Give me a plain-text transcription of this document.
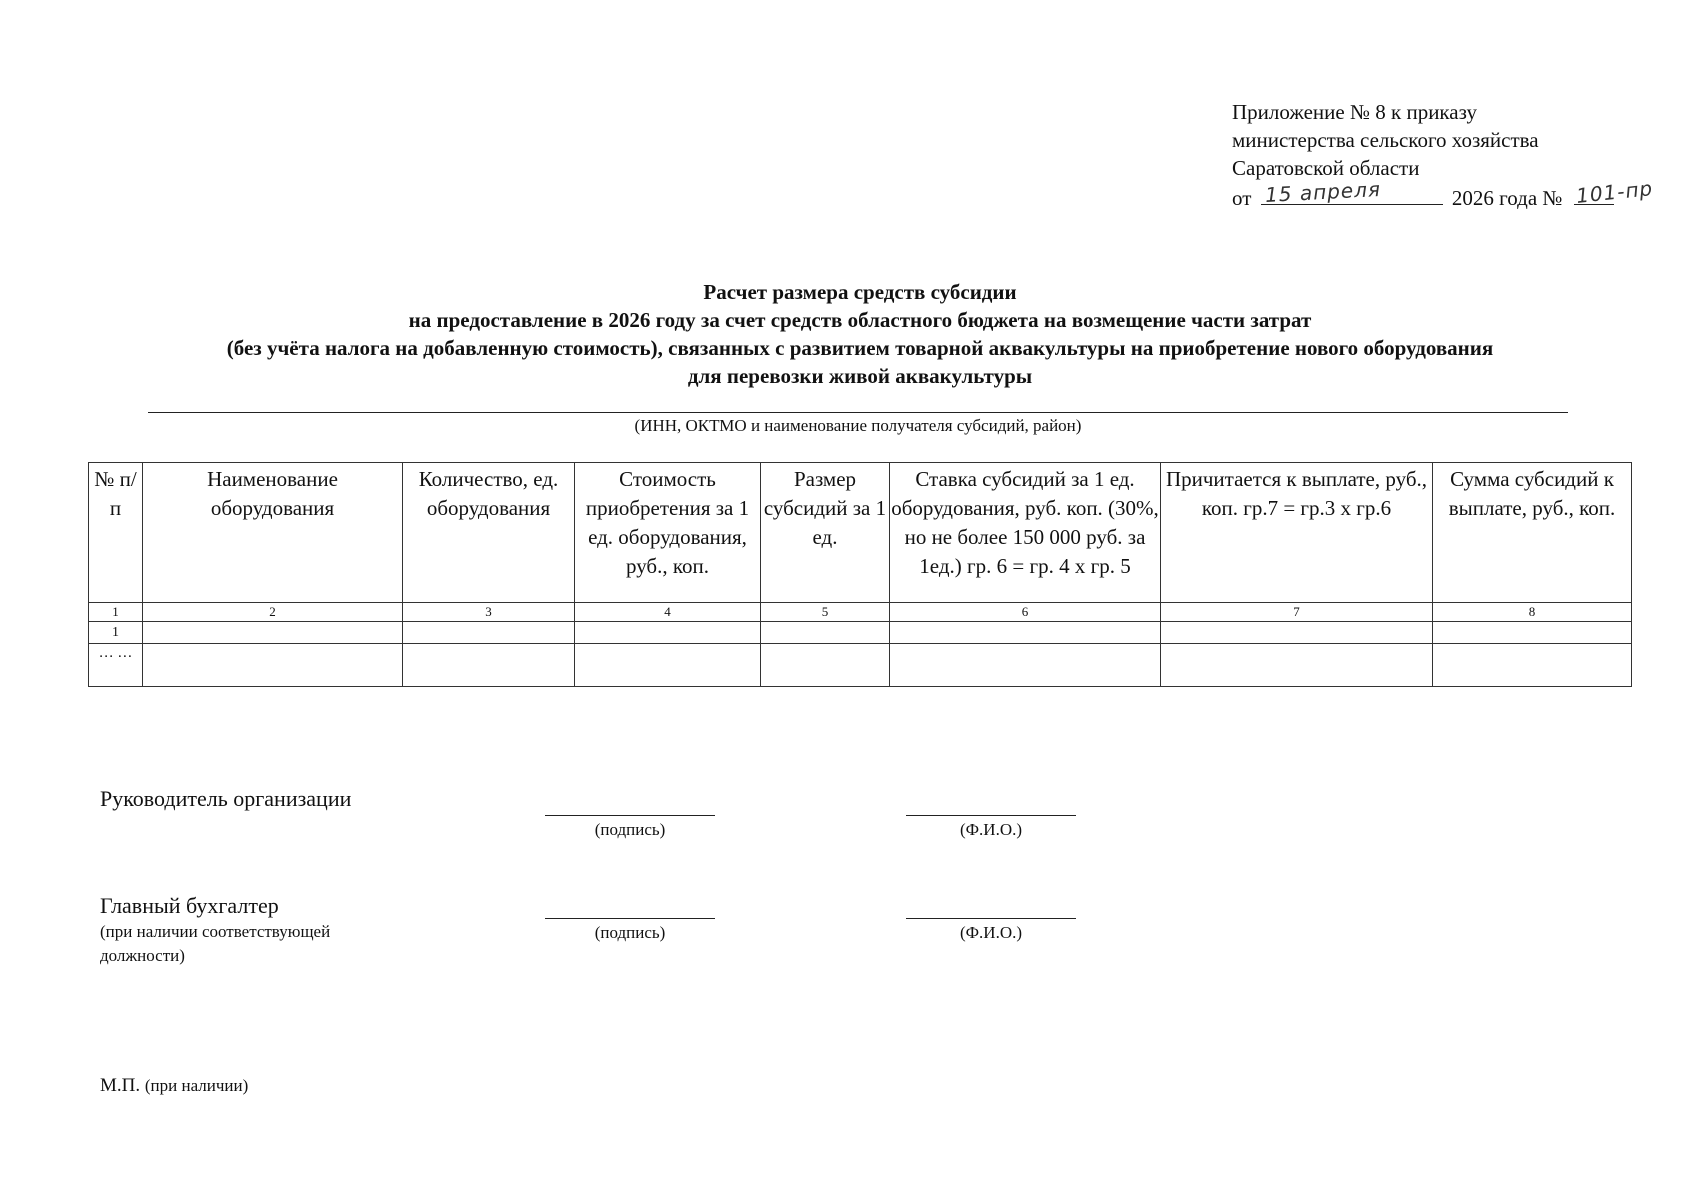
Приложение № 8 к приказу
министерства сельского хозяйства
Саратовской области
от 15 апреля	2026 года № 101-пр
Расчет размера средств субсидии
на предоставление в 2026 году за счет средств областного бюджета на возмещение части затрат
(без учёта налога на добавленную стоимость), связанных с развитием товарной аквакультуры на приобретение нового оборудования
для перевозки живой аквакультуры
(ИНН, ОКТМО и наименование получателя субсидий, район)
№ п/п	Наименование оборудования	Количество, ед. оборудования	Стоимость приобретения за 1 ед. оборудования, руб., коп.	Размер субсидий за 1 ед.	Ставка субсидий за 1 ед. оборудования, руб. коп. (30%, но не более 150 000 руб. за 1ед.) гр. 6 = гр. 4 х гр. 5	Причитается к выплате, руб., коп. гр.7 = гр.3 х гр.6	Сумма субсидий к выплате, руб., коп.
1	2	3	4	5	6	7	8
1							
… …							
Руководитель организации
(подпись)	(Ф.И.О.)
Главный бухгалтер
(при наличии соответствующей должности)
(подпись)	(Ф.И.О.)
М.П. (при наличии)
